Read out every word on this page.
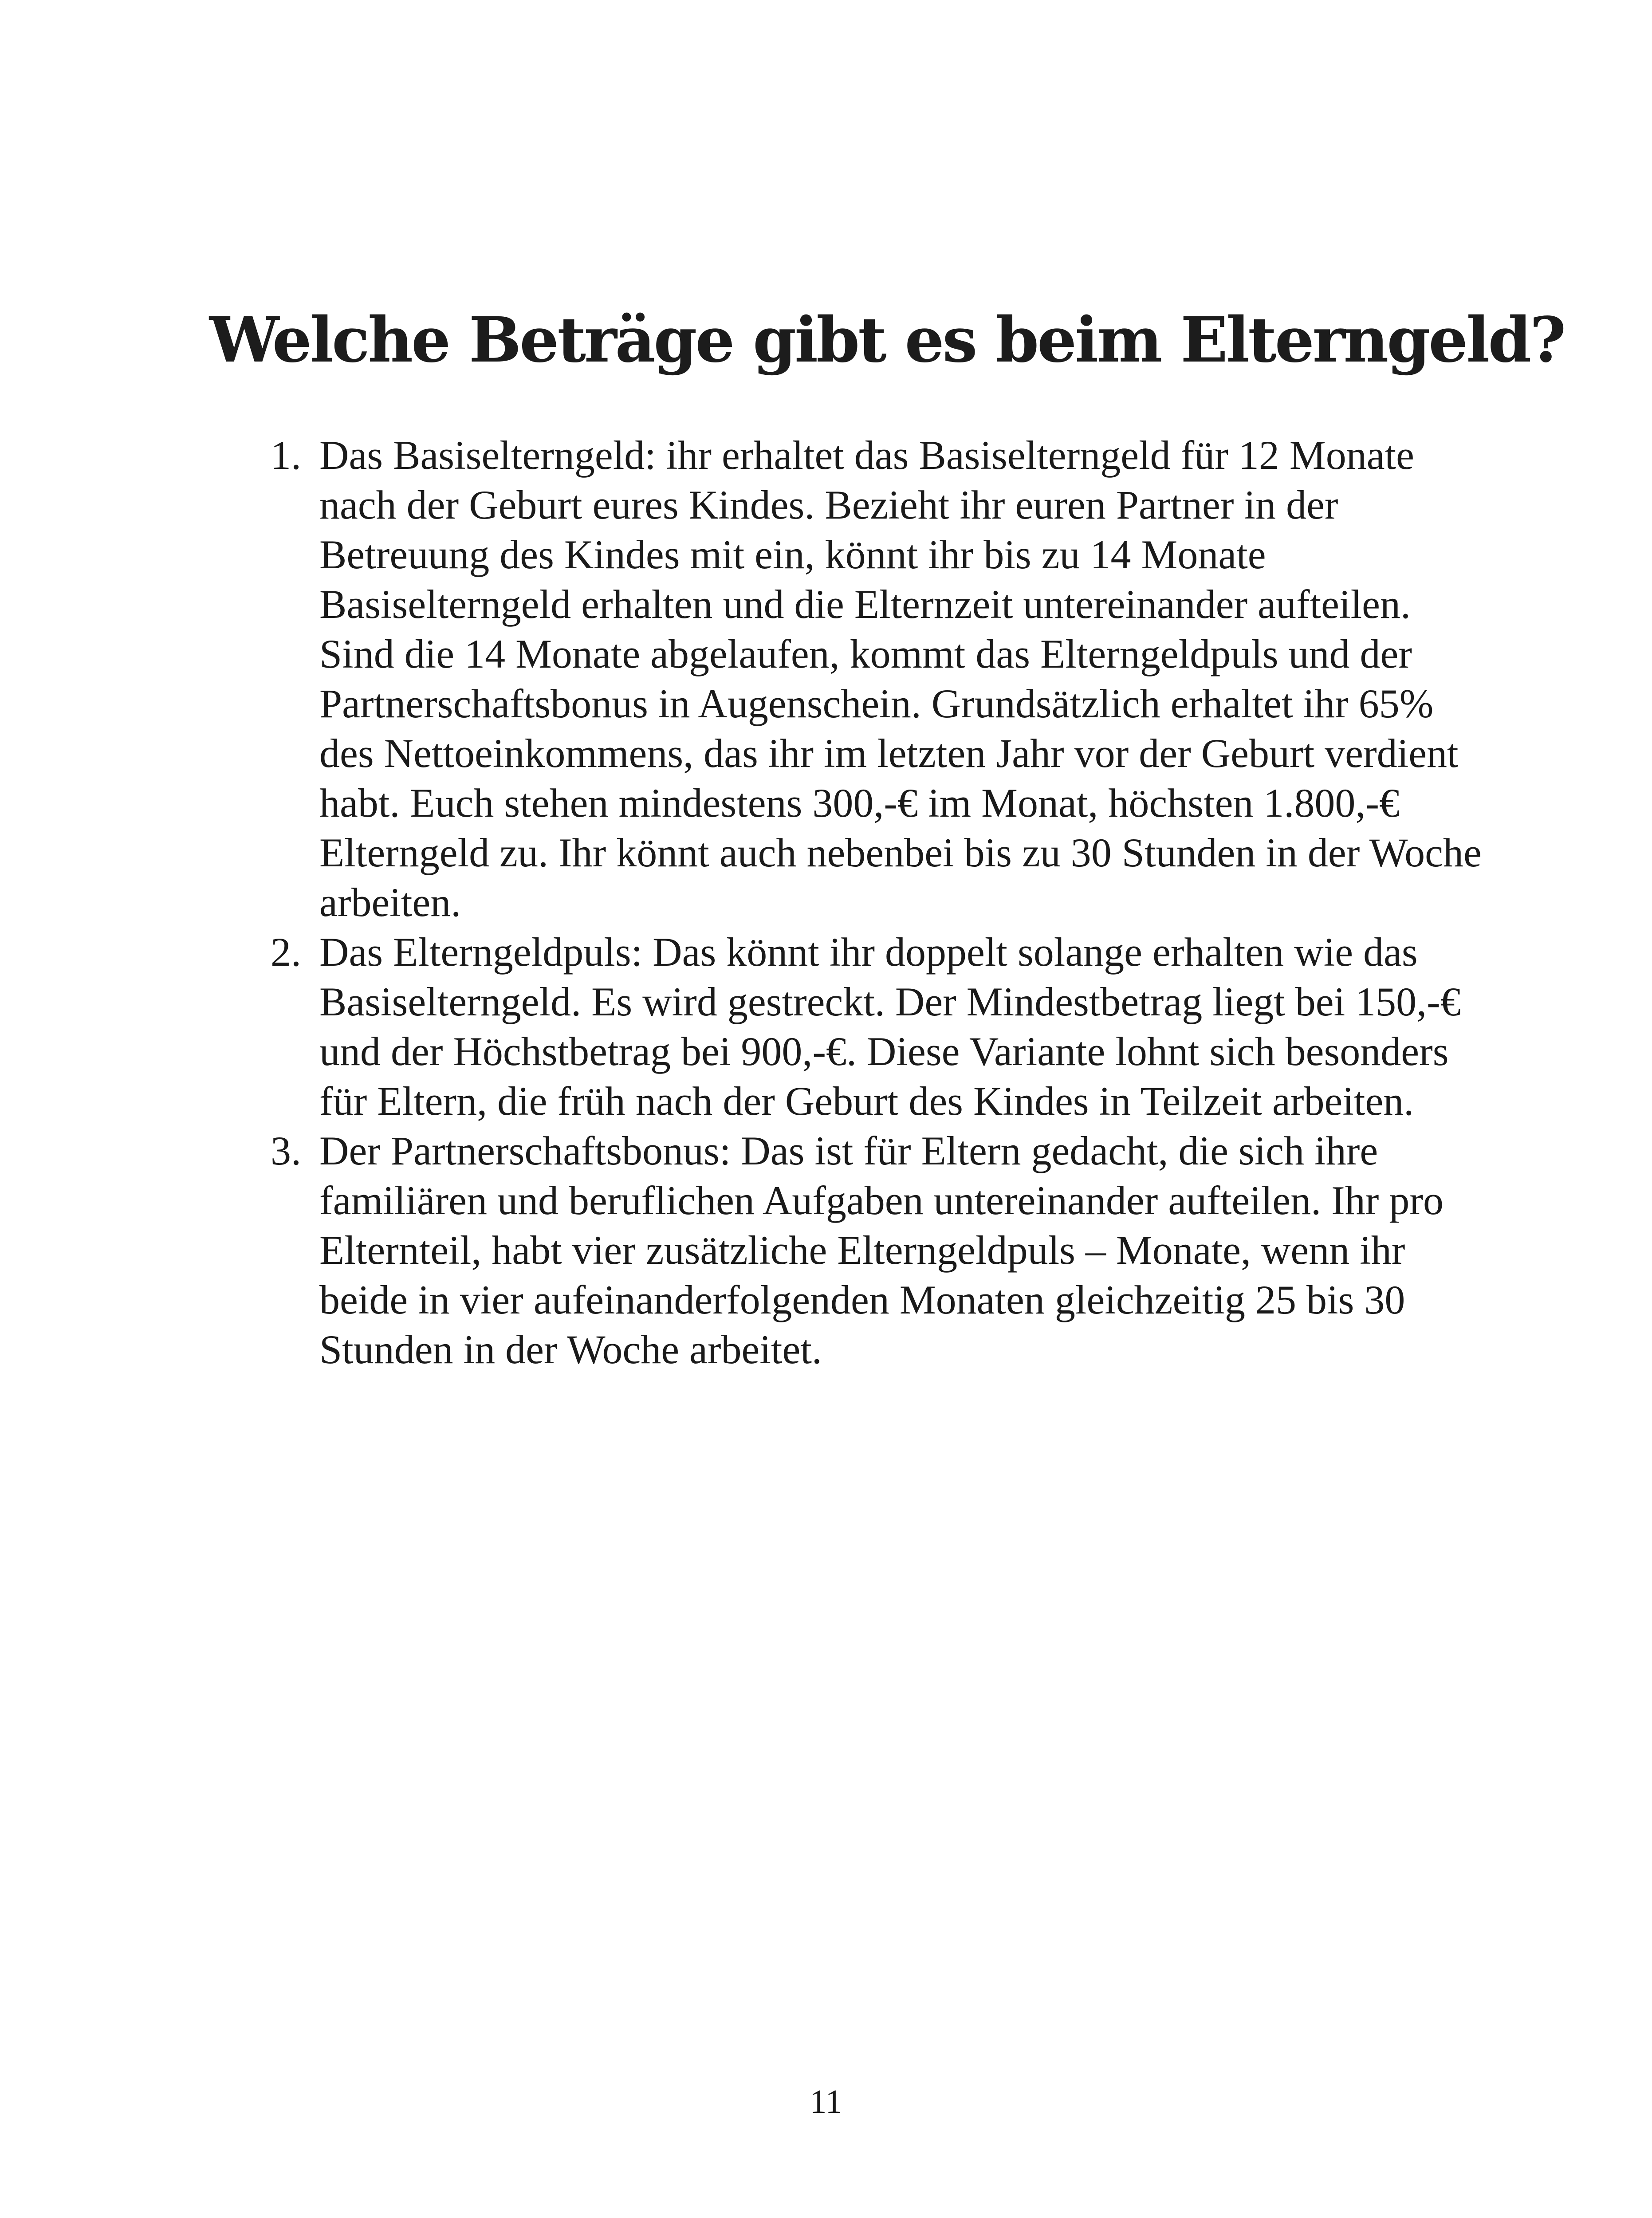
Welche Beträge gibt es beim Elterngeld?
1. Das Basiselterngeld: ihr erhaltet das Basiselterngeld für 12 Monate nach der Geburt eures Kindes. Bezieht ihr euren Partner in der Betreuung des Kindes mit ein, könnt ihr bis zu 14 Monate Basiselterngeld erhalten und die Elternzeit untereinander aufteilen. Sind die 14 Monate abgelaufen, kommt das Elterngeldpuls und der Partnerschaftsbonus in Augenschein. Grundsätzlich erhaltet ihr 65% des Nettoeinkommens, das ihr im letzten Jahr vor der Geburt verdient habt. Euch stehen mindestens 300,-€ im Monat, höchsten 1.800,-€ Elterngeld zu. Ihr könnt auch nebenbei bis zu 30 Stunden in der Woche arbeiten.
2. Das Elterngeldpuls: Das könnt ihr doppelt solange erhalten wie das Basiselterngeld. Es wird gestreckt. Der Mindestbetrag liegt bei 150,-€ und der Höchstbetrag bei 900,-€. Diese Variante lohnt sich besonders für Eltern, die früh nach der Geburt des Kindes in Teilzeit arbeiten.
3. Der Partnerschaftsbonus: Das ist für Eltern gedacht, die sich ihre familiären und beruflichen Aufgaben untereinander aufteilen. Ihr pro Elternteil, habt vier zusätzliche Elterngeldpuls – Monate, wenn ihr beide in vier aufeinanderfolgenden Monaten gleichzeitig 25 bis 30 Stunden in der Woche arbeitet.
11
